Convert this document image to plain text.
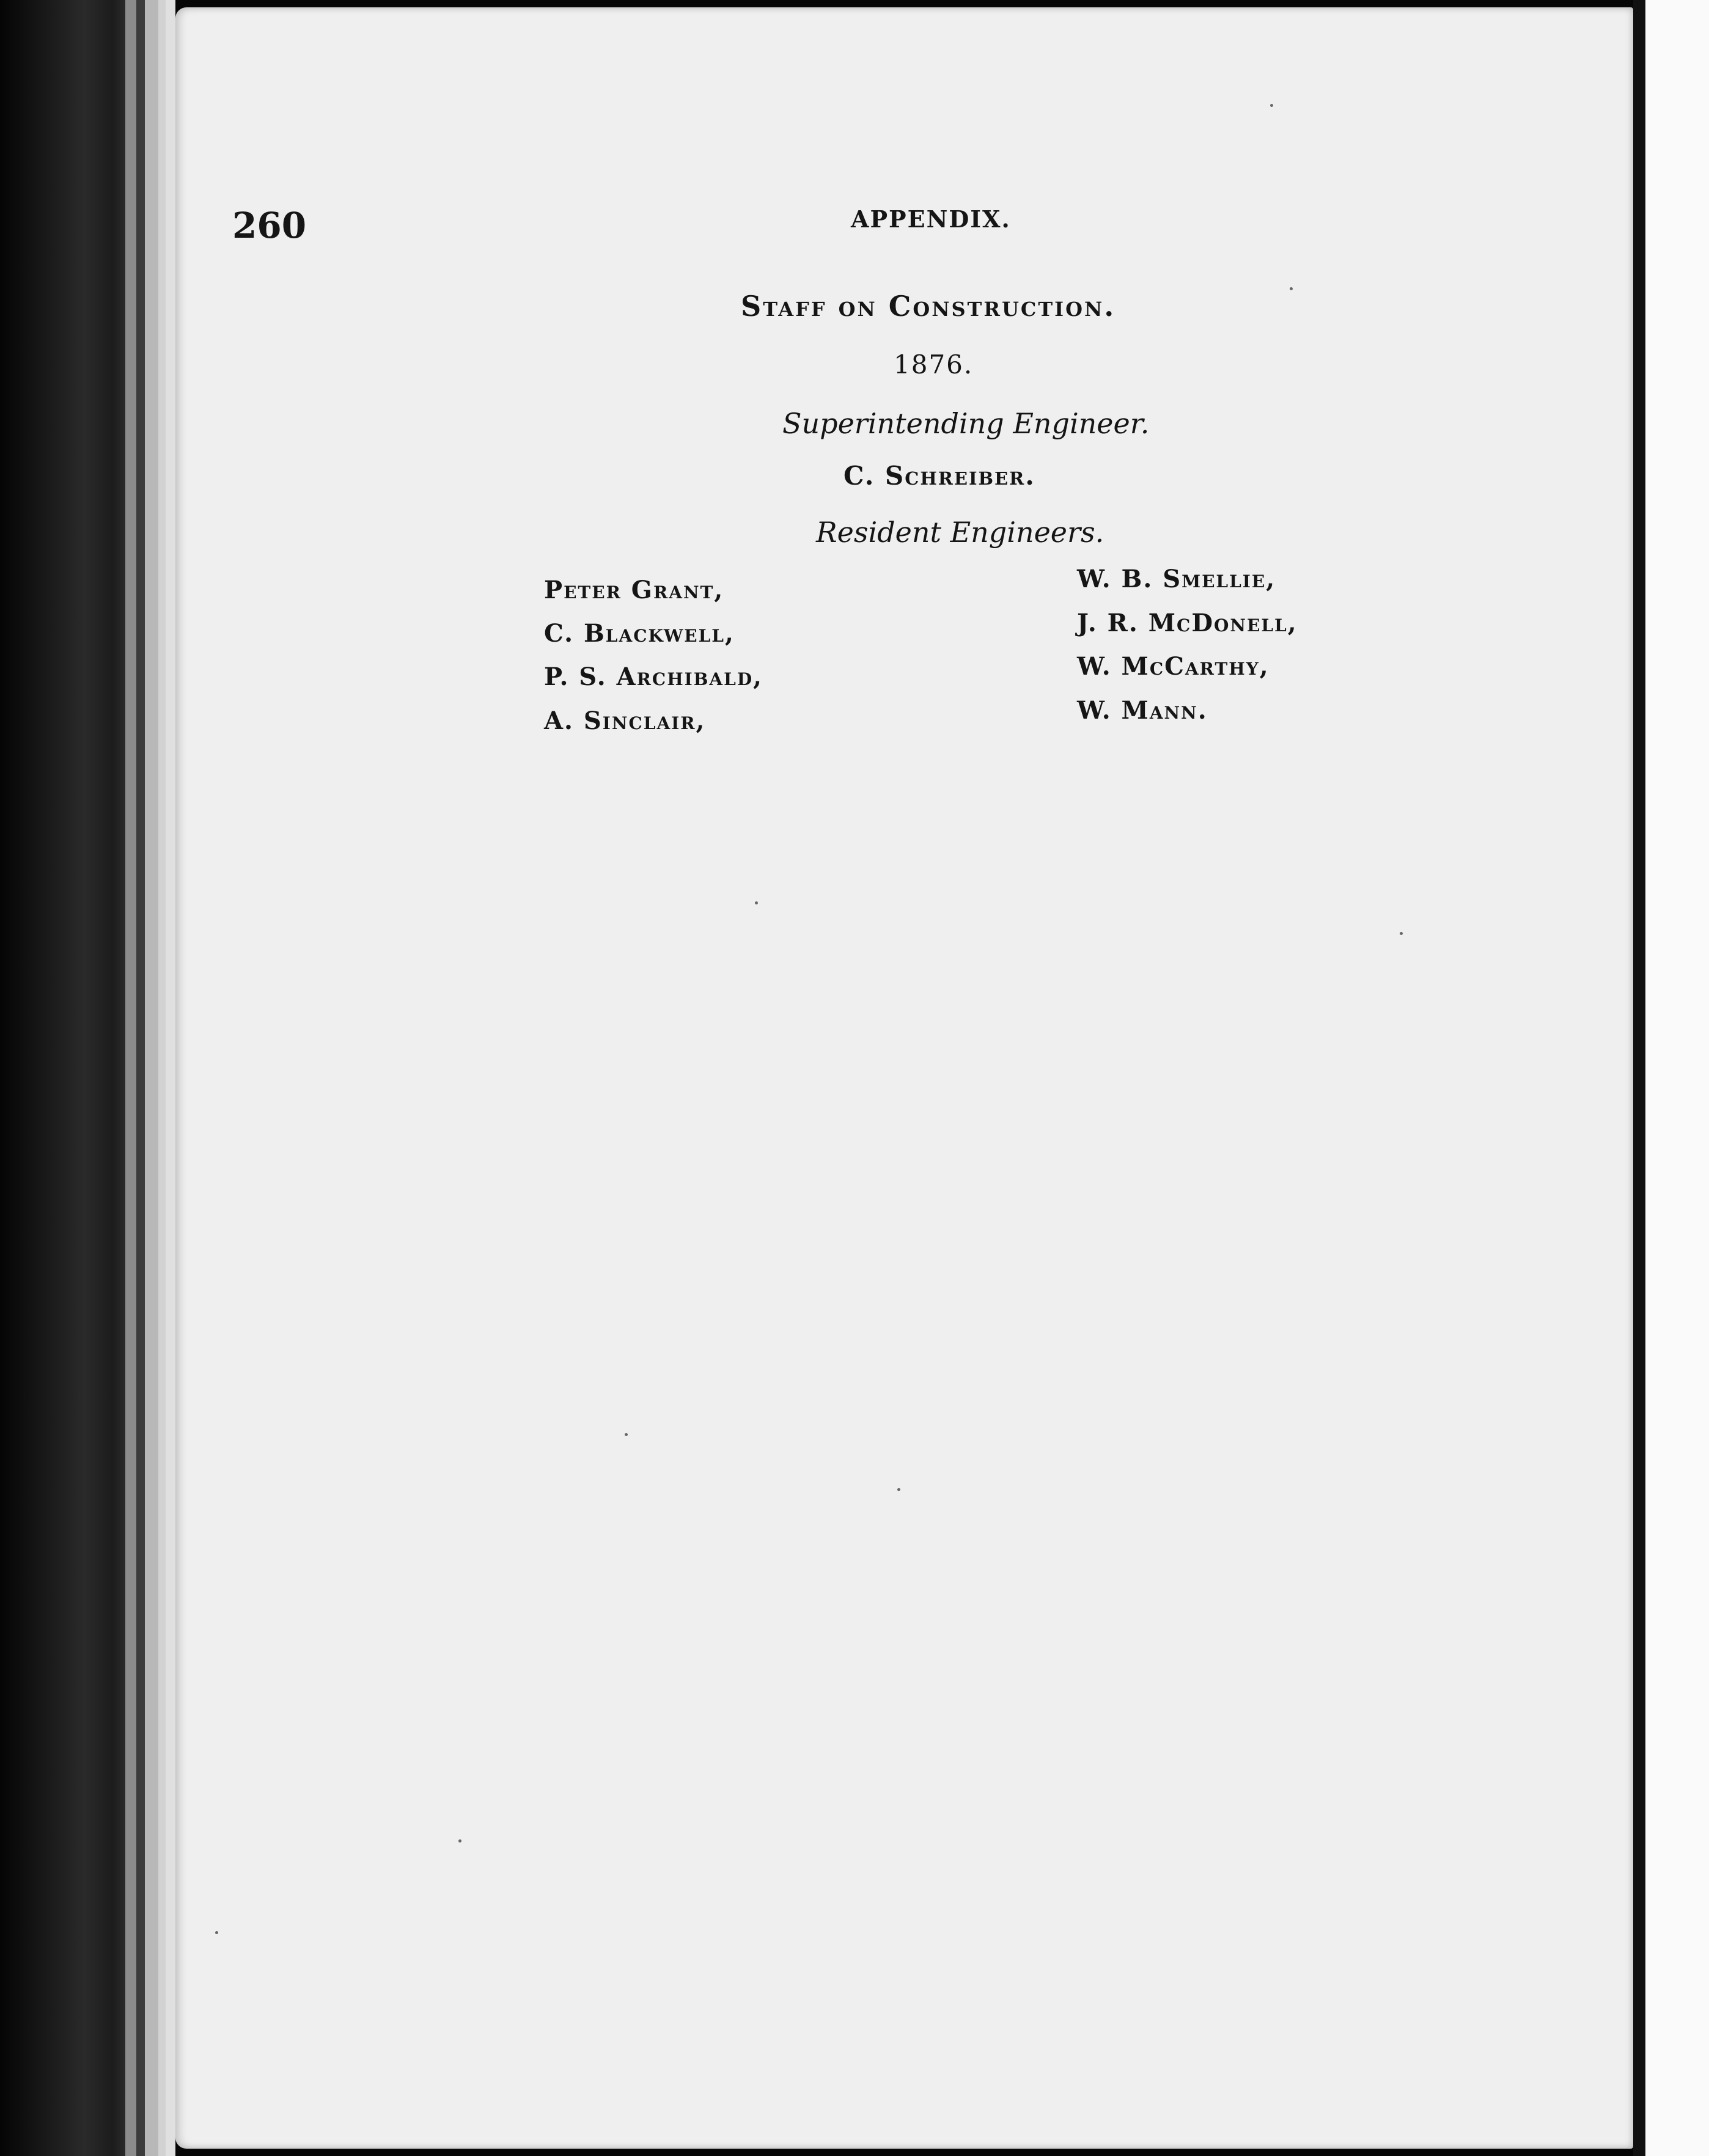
260	APPENDIX.
Staff on Construction.
1876.
Superintending Engineer.
C. Schreiber.
Resident Engineers.
Peter Grant,
C. Blackwell,
P. S. Archibald,
A. Sinclair,
W. B. Smellie,
J. R. McDonell,
W. McCarthy,
W. Mann.
